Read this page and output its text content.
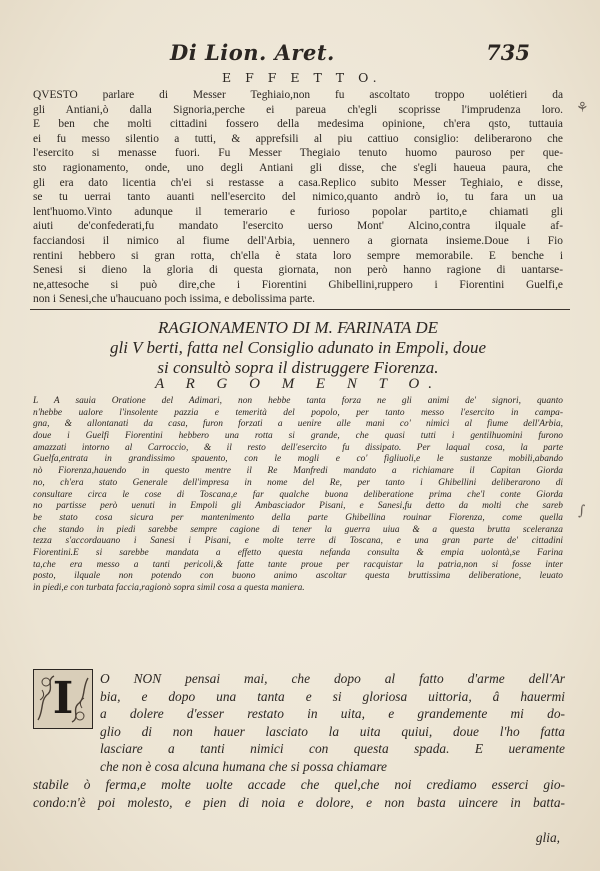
Di Lion. Aret.	735
⚘
∫
E F F E T T O.
QVESTO parlare di Messer Teghiaio,non fu ascoltato troppo uolétieri da
gli Antiani,ò dalla Signoria,perche ei pareua ch'egli scoprisse l'imprudenza loro.
E ben che molti cittadini fossero della medesima opinione, ch'era qsto, tuttauia
ei fu messo silentio a tutti, & apprefsili al piu cattiuo consiglio: deliberarono che
l'esercito si menasse fuori. Fu Messer Thegiaio tenuto huomo pauroso per que-
sto ragionamento, onde, uno degli Antiani gli disse, che s'egli haueua paura, che
gli era dato licentia ch'ei si restasse a casa.Replico subito Messer Teghiaio, e disse,
se tu uerrai tanto auanti nell'esercito del nimico,quanto andrò io, tu fara un ua
lent'huomo.Vinto adunque il temerario e furioso popolar partito,e chiamati gli
aiuti de'confederati,fu mandato l'esercito uerso Mont' Alcino,contra ilquale af-
facciandosi il nimico al fiume dell'Arbia, uennero a giornata insieme.Doue i Fio
rentini hebbero si gran rotta, ch'ella è stata loro sempre memorabile. E benche i
Senesi si dieno la gloria di questa giornata, non però hanno ragione di uantarse-
ne,attesoche si può dire,che i Fiorentini Ghibellini,ruppero i Fiorentini Guelfi,e
non i Senesi,che u'haucuano poch issima, e debolissima parte.
RAGIONAMENTO DI M. FARINATA DE
gli V berti, fatta nel Consiglio adunato in Empoli, doue
si consultò sopra il distruggere Fiorenza.
A R G O M E N T O.
L A sauia Oratione del Adimari, non hebbe tanta forza ne gli animi de' signori, quanto
n'hebbe ualore l'insolente pazzia e temerità del popolo, per tanto messo l'esercito in campa-
gna, & allontanati da casa, furon forzati a uenire alle mani co' nimici al fiume dell'Arbia,
doue i Guelfi Fiorentini hebbero una rotta si grande, che quasi tutti i gentilhuomini furono
amazzati intorno al Carroccio, & il resto dell'esercito fu dissipato. Per laqual cosa, la parte
Guelfa,entrata in grandissimo spauento, con le mogli e co' figliuoli,e le sustanze mobili,abando
nò Fiorenza,hauendo in questo mentre il Re Manfredi mandato a richiamare il Capitan Giorda
no, ch'era stato Generale dell'impresa in nome del Re, per tanto i Ghibellini deliberarono di
consultare circa le cose di Toscana,e far qualche buona deliberatione prima che'l conte Giorda
no partisse però uenuti in Empoli gli Ambasciador Pisani, e Sanesi,fu detto da molti che sareb
be stato cosa sicura per mantenimento della parte Ghibellina rouinar Fiorenza, come quella
che stando in piedi sarebbe sempre cagione di tener la guerra uiua & a questa brutta sceleranza
tezza s'accordauano i Sanesi i Pisani, e molte terre di Toscana, e una gran parte de' cittadini
Fiorentini.E si sarebbe mandata a effetto questa nefanda consulta & empia uolontà,se Farina
ta,che era messo a tanti pericoli,& fatte tante proue per racquistar la patria,non si fosse inter
posto, ilquale non potendo con buono animo ascoltar questa bruttissima deliberatione, leuato
in piedi,e con turbata faccia,ragionò sopra simil cosa a questa maniera.
I	O NON pensai mai, che dopo al fatto d'arme dell'Ar
bia, e dopo una tanta e si gloriosa uittoria, â hauermi
a dolere d'esser restato in uita, e grandemente mi do-
glio di non hauer lasciato la uita quiui, doue l'ho fatta
lasciare a tanti nimici con questa spada. E ueramente
che non è cosa alcuna humana che si possa chiamare
stabile ò ferma,e molte uolte accade che quel,che noi crediamo esserci gio-
condo:n'è poi molesto, e pien di noia e dolore, e non basta uincere in batta-
glia,
